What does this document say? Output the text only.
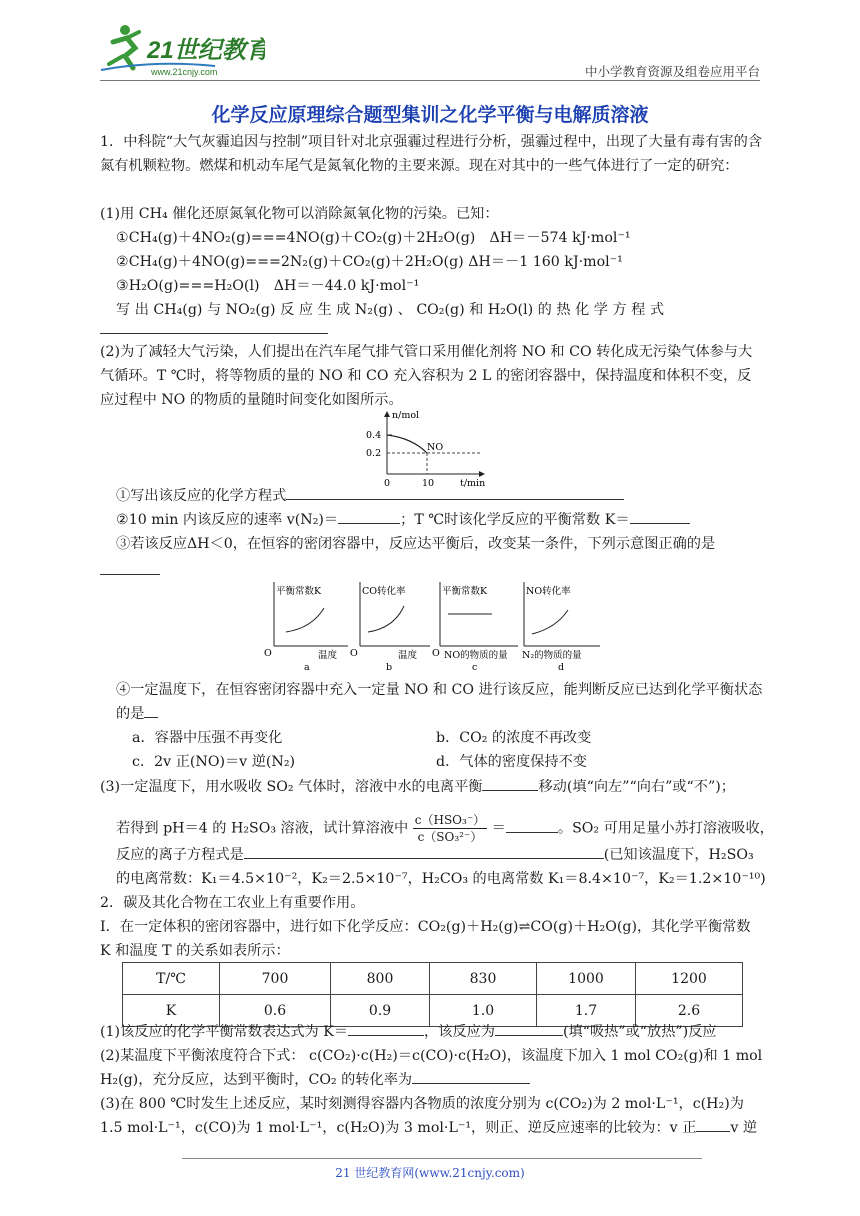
21世纪教育
www.21cnjy.com	中小学教育资源及组卷应用平台
化学反应原理综合题型集训之化学平衡与电解质溶液
1．中科院“大气灰霾追因与控制”项目针对北京强霾过程进行分析，强霾过程中，出现了大量有毒有害的含氮有机颗粒物。燃煤和机动车尾气是氮氧化物的主要来源。现在对其中的一些气体进行了一定的研究：
(1)用 CH₄ 催化还原氮氧化物可以消除氮氧化物的污染。已知：
①CH₄(g)＋4NO₂(g)===4NO(g)＋CO₂(g)＋2H₂O(g)　ΔH＝－574 kJ·mol⁻¹
②CH₄(g)＋4NO(g)===2N₂(g)＋CO₂(g)＋2H₂O(g) ΔH＝－1 160 kJ·mol⁻¹
③H₂O(g)===H₂O(l)　ΔH＝－44.0 kJ·mol⁻¹
写 出 CH₄(g) 与 NO₂(g) 反 应 生 成 N₂(g) 、 CO₂(g) 和 H₂O(l) 的 热 化 学 方 程 式
(2)为了减轻大气污染，人们提出在汽车尾气排气管口采用催化剂将 NO 和 CO 转化成无污染气体参与大气循环。T ℃时，将等物质的量的 NO 和 CO 充入容积为 2 L 的密闭容器中，保持温度和体积不变，反应过程中 NO 的物质的量随时间变化如图所示。
n/mol
0.4
0.2
NO
0	10	t/min
①写出该反应的化学方程式
②10 min 内该反应的速率 v(N₂)＝	；T ℃时该化学反应的平衡常数 K＝
③若该反应ΔH＜0，在恒容的密闭容器中，反应达平衡后，改变某一条件，下列示意图正确的是
平衡常数K
O	温度
a
CO转化率
O	温度
b
平衡常数K
O NO的物质的量
c
NO转化率
N₂的物质的量
d
④一定温度下，在恒容密闭容器中充入一定量 NO 和 CO 进行该反应，能判断反应已达到化学平衡状态的是
a．容器中压强不再变化	b．CO₂ 的浓度不再改变
c．2v 正(NO)＝v 逆(N₂)	d．气体的密度保持不变
(3)一定温度下，用水吸收 SO₂ 气体时，溶液中水的电离平衡	移动(填“向左”“向右”或“不”)；
若得到 pH＝4 的 H₂SO₃ 溶液，试计算溶液中
c（HSO₃⁻）
c（SO₃²⁻）
＝	。SO₂ 可用足量小苏打溶液吸收，
反应的离子方程式是	(已知该温度下，H₂SO₃
的电离常数：K₁＝4.5×10⁻²，K₂＝2.5×10⁻⁷，H₂CO₃ 的电离常数 K₁＝8.4×10⁻⁷，K₂＝1.2×10⁻¹⁰)
2．碳及其化合物在工农业上有重要作用。
Ⅰ．在一定体积的密闭容器中，进行如下化学反应：CO₂(g)＋H₂(g)⇌CO(g)＋H₂O(g)，其化学平衡常数 K 和温度 T 的关系如表所示：
T/℃	700	800	830	1000	1200
K	0.6	0.9	1.0	1.7	2.6
(1)该反应的化学平衡常数表达式为 K＝	，该反应为	(填“吸热”或“放热”)反应
(2)某温度下平衡浓度符合下式： c(CO₂)·c(H₂)＝c(CO)·c(H₂O)，该温度下加入 1 mol CO₂(g)和 1 mol H₂(g)，充分反应，达到平衡时，CO₂ 的转化率为
(3)在 800 ℃时发生上述反应，某时刻测得容器内各物质的浓度分别为 c(CO₂)为 2 mol·L⁻¹，c(H₂)为 1.5 mol·L⁻¹，c(CO)为 1 mol·L⁻¹，c(H₂O)为 3 mol·L⁻¹，则正、逆反应速率的比较为：v 正 v 逆
21 世纪教育网(www.21cnjy.com)
